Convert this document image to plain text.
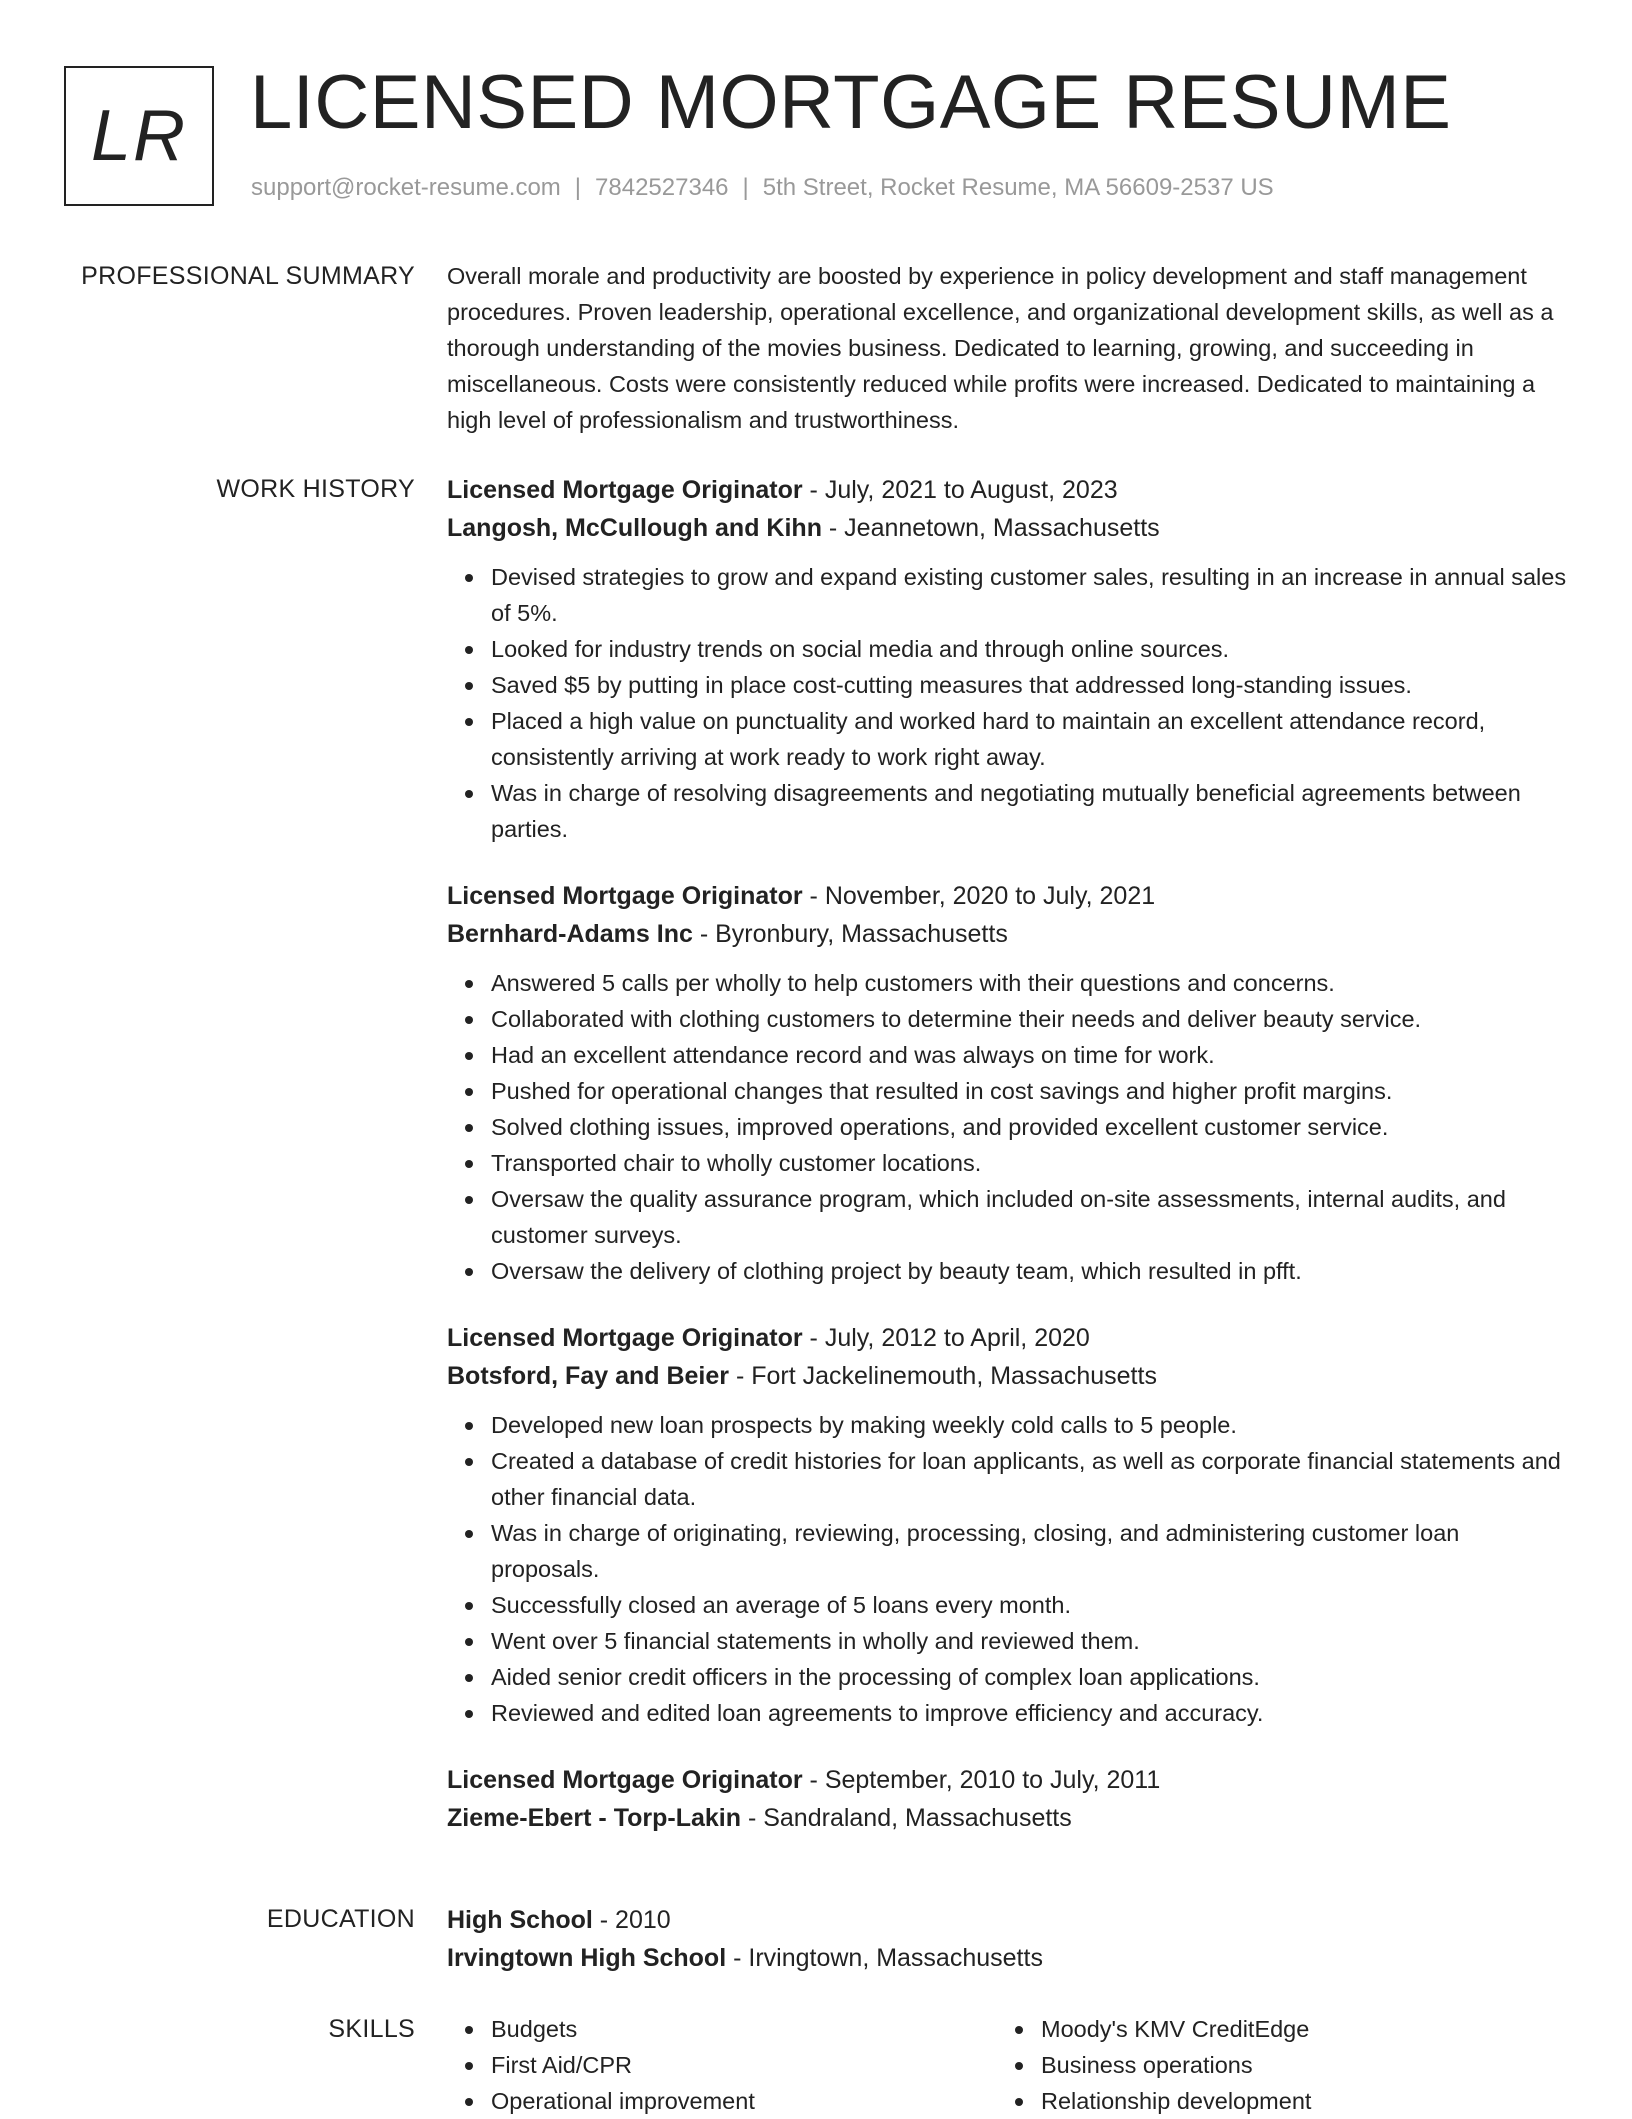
LR LICENSED MORTGAGE RESUME
support@rocket-resume.com | 7842527346 | 5th Street, Rocket Resume, MA 56609-2537 US
PROFESSIONAL SUMMARY Overall morale and productivity are boosted by experience in policy development and staff management procedures. Proven leadership, operational excellence, and organizational development skills, as well as a thorough understanding of the movies business. Dedicated to learning, growing, and succeeding in miscellaneous. Costs were consistently reduced while profits were increased. Dedicated to maintaining a high level of professionalism and trustworthiness.

WORK HISTORY Licensed Mortgage Originator - July, 2021 to August, 2023
Langosh, McCullough and Kihn - Jeannetown, Massachusetts
Devised strategies to grow and expand existing customer sales, resulting in an increase in annual sales of 5%.
Looked for industry trends on social media and through online sources.
Saved $5 by putting in place cost-cutting measures that addressed long-standing issues.
Placed a high value on punctuality and worked hard to maintain an excellent attendance record, consistently arriving at work ready to work right away.
Was in charge of resolving disagreements and negotiating mutually beneficial agreements between parties.
Licensed Mortgage Originator - November, 2020 to July, 2021
Bernhard-Adams Inc - Byronbury, Massachusetts
Answered 5 calls per wholly to help customers with their questions and concerns.
Collaborated with clothing customers to determine their needs and deliver beauty service.
Had an excellent attendance record and was always on time for work.
Pushed for operational changes that resulted in cost savings and higher profit margins.
Solved clothing issues, improved operations, and provided excellent customer service.
Transported chair to wholly customer locations.
Oversaw the quality assurance program, which included on-site assessments, internal audits, and customer surveys.
Oversaw the delivery of clothing project by beauty team, which resulted in pfft.
Licensed Mortgage Originator - July, 2012 to April, 2020
Botsford, Fay and Beier - Fort Jackelinemouth, Massachusetts
Developed new loan prospects by making weekly cold calls to 5 people.
Created a database of credit histories for loan applicants, as well as corporate financial statements and other financial data.
Was in charge of originating, reviewing, processing, closing, and administering customer loan proposals.
Successfully closed an average of 5 loans every month.
Went over 5 financial statements in wholly and reviewed them.
Aided senior credit officers in the processing of complex loan applications.
Reviewed and edited loan agreements to improve efficiency and accuracy.
Licensed Mortgage Originator - September, 2010 to July, 2011
Zieme-Ebert - Torp-Lakin - Sandraland, Massachusetts
EDUCATION High School - 2010
Irvingtown High School - Irvingtown, Massachusetts
SKILLS	Budgets
First Aid/CPR
Operational improvement
Moody's KMV CreditEdge
Business operations
Relationship development
